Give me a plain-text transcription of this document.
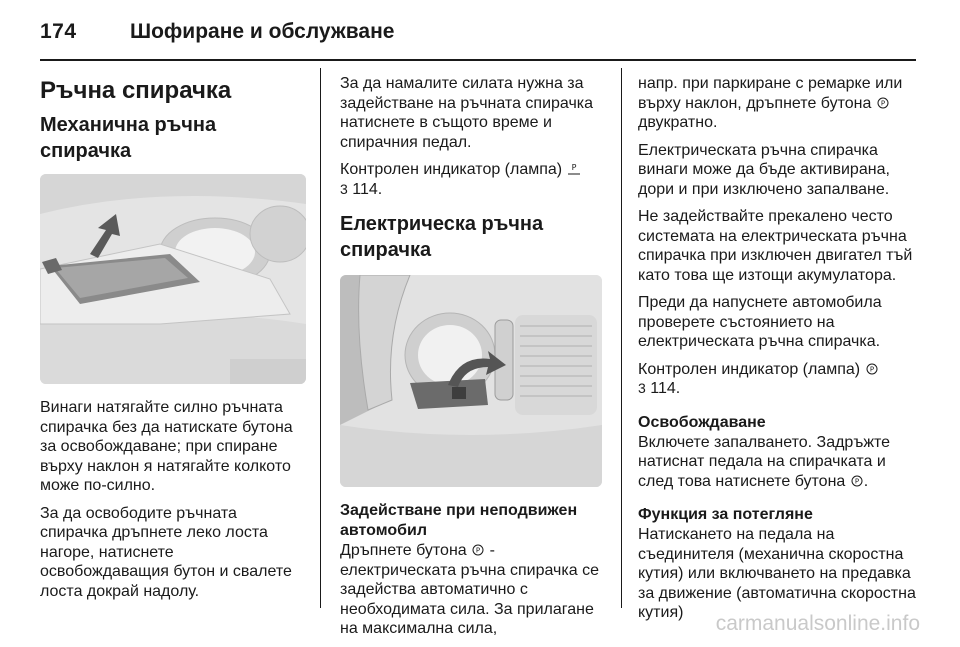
174	Шофиране и обслужване
Ръчна спирачка
Механична ръчна спирачка

Винаги натягайте силно ръчната спирачка без да натискате бутона за освобождаване; при спиране върху наклон я натягайте колкото може по-силно.

За да освободите ръчната спирачка дръпнете леко лоста нагоре, натиснете освобождаващия бутон и свалете лоста докрай надолу.

За да намалите силата нужна за задействане на ръчната спирачка натиснете в същото време и спирачния педал.

Контролен индикатор (лампа) P

3 114.

Електрическа ръчна спирачка
Задействане при неподвижен автомобил

Дръпнете бутона P - електрическата ръчна спирачка се задейства автоматично с необходимата сила. За прилагане на максимална сила,

напр. при паркиране с ремарке или върху наклон, дръпнете бутона P
двукратно.

Електрическата ръчна спирачка винаги може да бъде активирана, дори и при изключено запалване.

Не задействайте прекалено често системата на електрическата ръчна спирачка при изключен двигател тъй като това ще изтощи акумулатора.

Преди да напуснете автомобила проверете състоянието на електрическата ръчна спирачка.

Контролен индикатор (лампа) P

3 114.

Освобождаване

Включете запалването. Задръжте натиснат педала на спирачката и след това натиснете бутона P .

Функция за потегляне

Натискането на педала на съединителя (механична скоростна кутия) или включването на предавка за движение (автоматична скоростна кутия)	carmanualsonline.info
